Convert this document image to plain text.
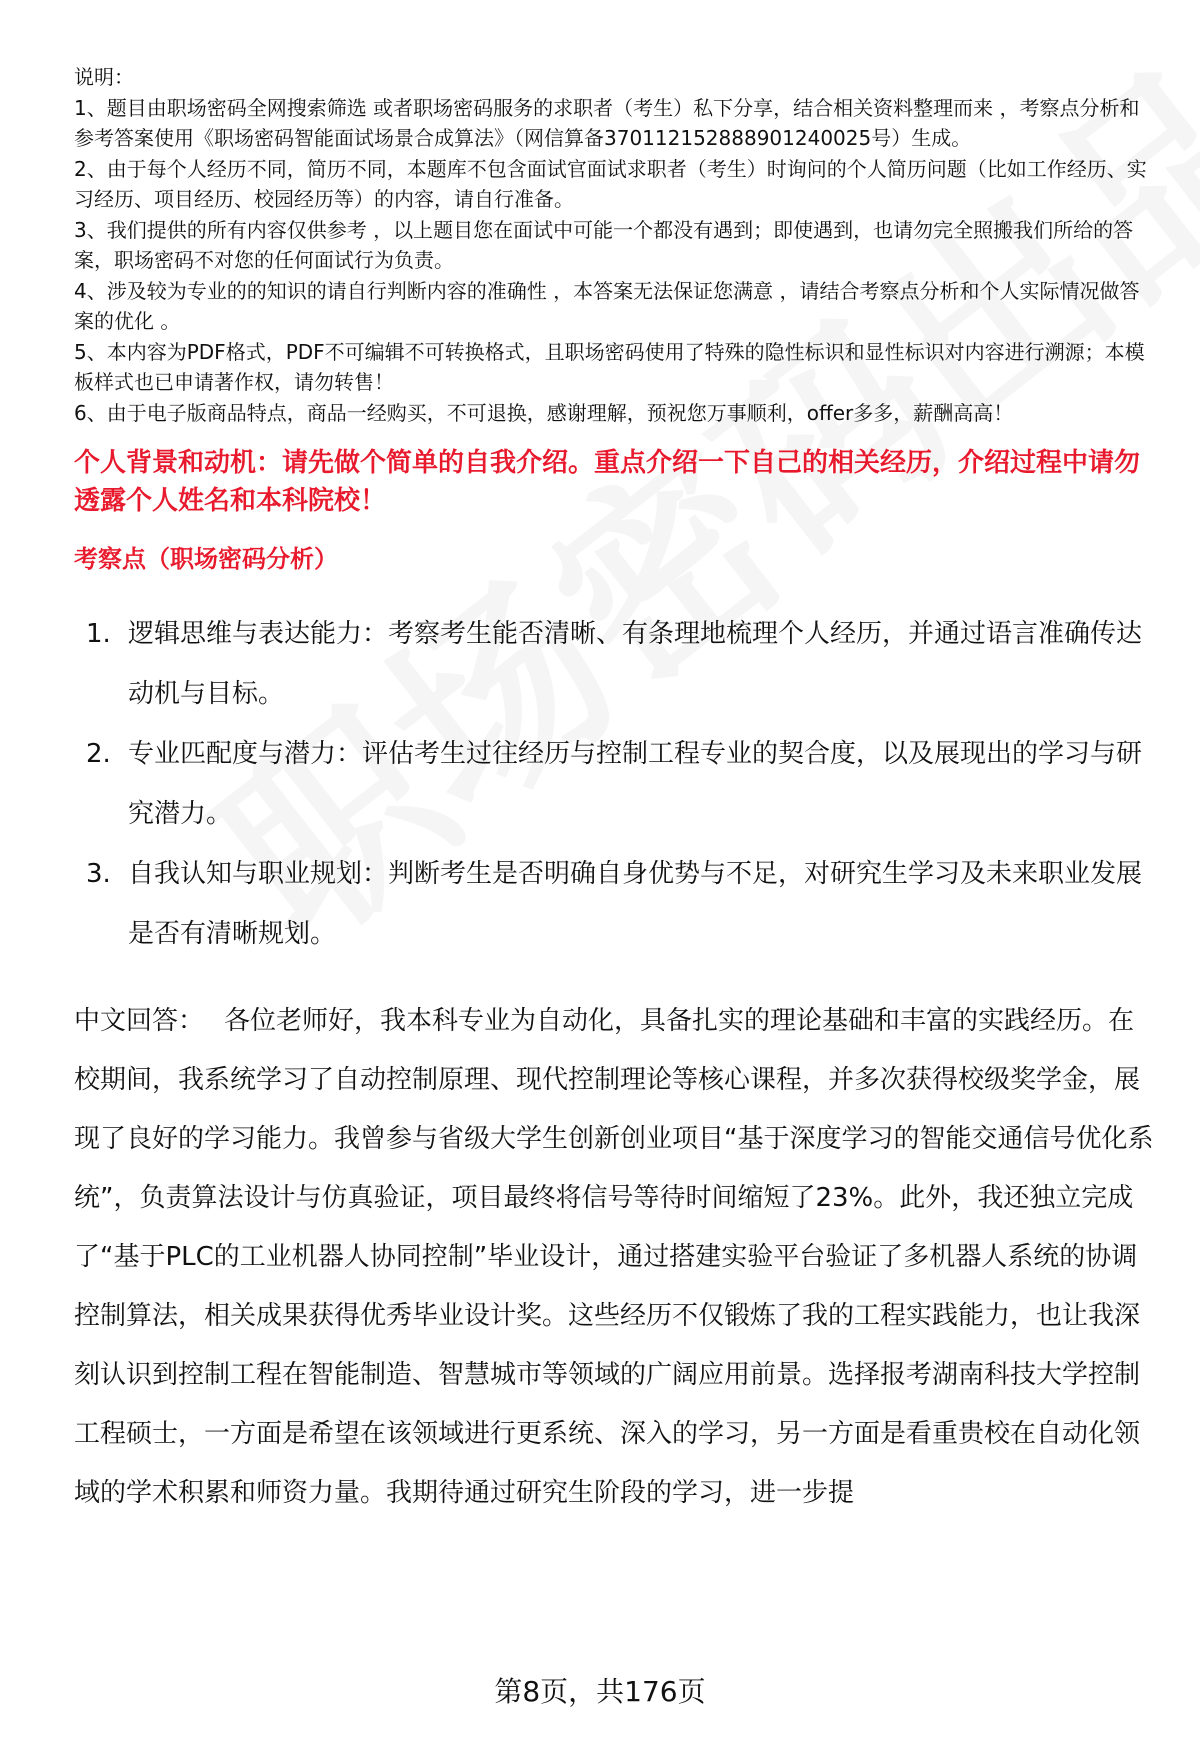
说明：

1、题目由职场密码全网搜索筛选 或者职场密码服务的求职者（考生）私下分享，结合相关资料整理而来 ，考察点分析和参考答案使用《职场密码智能面试场景合成算法》（网信算备370112152888901240025号）生成。

2、由于每个人经历不同，简历不同，本题库不包含面试官面试求职者（考生）时询问的个人简历问题（比如工作经历、实习经历、项目经历、校园经历等）的内容，请自行准备。

3、我们提供的所有内容仅供参考 ，以上题目您在面试中可能一个都没有遇到；即使遇到，也请勿完全照搬我们所给的答案，职场密码不对您的任何面试行为负责。

4、涉及较为专业的的知识的请自行判断内容的准确性 ，本答案无法保证您满意 ，请结合考察点分析和个人实际情况做答案的优化 。

5、本内容为PDF格式，PDF不可编辑不可转换格式，且职场密码使用了特殊的隐性标识和显性标识对内容进行溯源；本模板样式也已申请著作权，请勿转售！

6、由于电子版商品特点，商品一经购买，不可退换，感谢理解，预祝您万事顺利，offer多多，薪酬高高！

个人背景和动机：请先做个简单的自我介绍。重点介绍一下自己的相关经历，介绍过程中请勿透露个人姓名和本科院校！
考察点（职场密码分析）
1. 逻辑思维与表达能力：考察考生能否清晰、有条理地梳理个人经历，并通过语言准确传达动机与目标。
2. 专业匹配度与潜力：评估考生过往经历与控制工程专业的契合度，以及展现出的学习与研究潜力。
3. 自我认知与职业规划：判断考生是否明确自身优势与不足，对研究生学习及未来职业发展是否有清晰规划。
中文回答： 各位老师好，我本科专业为自动化，具备扎实的理论基础和丰富的实践经历。在校期间，我系统学习了自动控制原理、现代控制理论等核心课程，并多次获得校级奖学金，展现了良好的学习能力。我曾参与省级大学生创新创业项目“基于深度学习的智能交通信号优化系统”，负责算法设计与仿真验证，项目最终将信号等待时间缩短了23%。此外，我还独立完成了“基于PLC的工业机器人协同控制”毕业设计，通过搭建实验平台验证了多机器人系统的协调控制算法，相关成果获得优秀毕业设计奖。这些经历不仅锻炼了我的工程实践能力，也让我深刻认识到控制工程在智能制造、智慧城市等领域的广阔应用前景。选择报考湖南科技大学控制工程硕士，一方面是希望在该领域进行更系统、深入的学习，另一方面是看重贵校在自动化领域的学术积累和师资力量。我期待通过研究生阶段的学习，进一步提
第8页，共176页
